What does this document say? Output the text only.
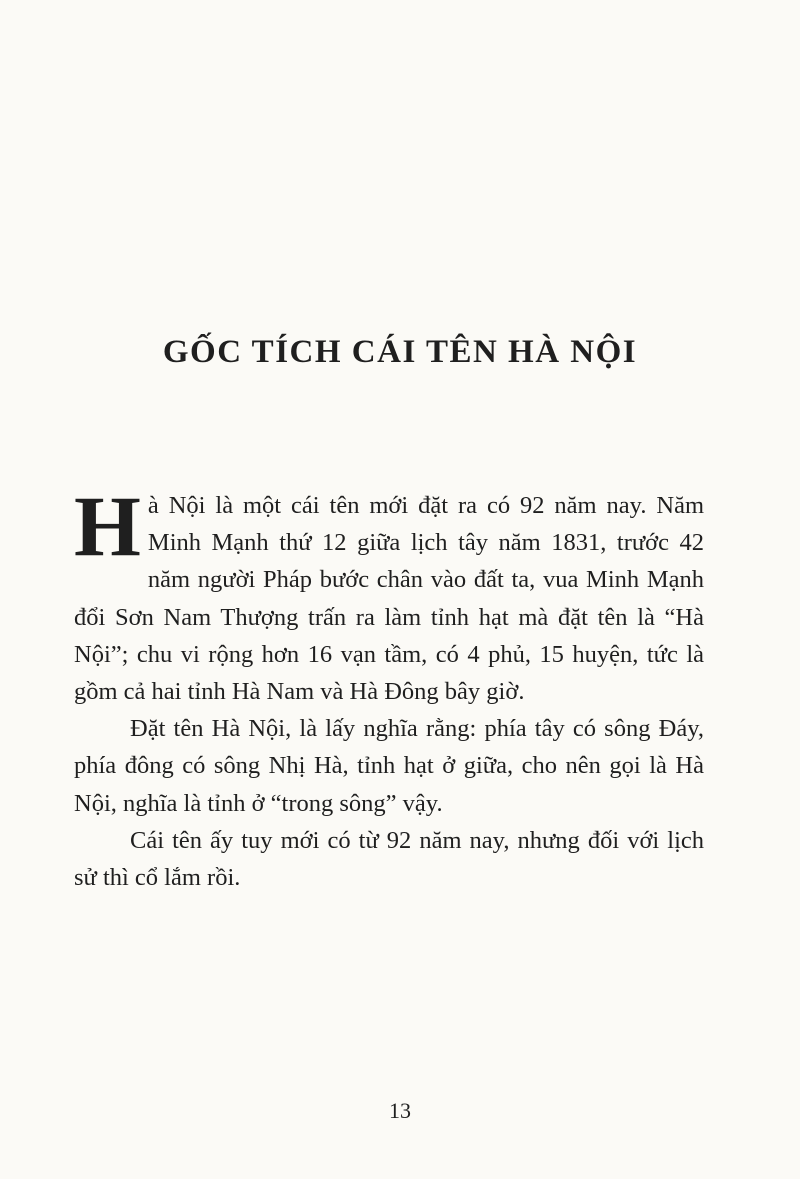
GỐC TÍCH CÁI TÊN HÀ NỘI

Hà Nội là một cái tên mới đặt ra có 92 năm nay. Năm Minh Mạnh thứ 12 giữa lịch tây năm 1831, trước 42 năm người Pháp bước chân vào đất ta, vua Minh Mạnh đổi Sơn Nam Thượng trấn ra làm tỉnh hạt mà đặt tên là “Hà Nội”; chu vi rộng hơn 16 vạn tầm, có 4 phủ, 15 huyện, tức là gồm cả hai tỉnh Hà Nam và Hà Đông bây giờ.

Đặt tên Hà Nội, là lấy nghĩa rằng: phía tây có sông Đáy, phía đông có sông Nhị Hà, tỉnh hạt ở giữa, cho nên gọi là Hà Nội, nghĩa là tỉnh ở “trong sông” vậy.

Cái tên ấy tuy mới có từ 92 năm nay, nhưng đối với lịch sử thì cổ lắm rồi.

13
